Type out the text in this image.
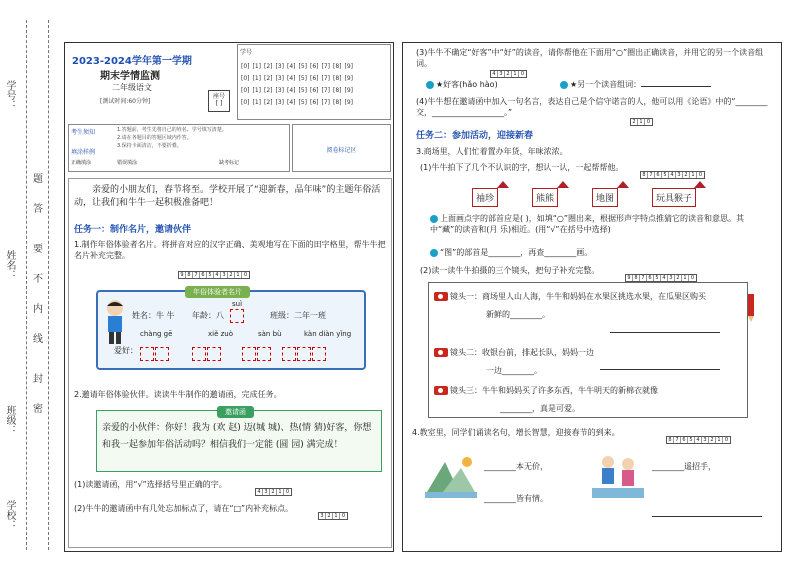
学号：
姓名：
班级：
学校：
题
答
要
不
内
线
封
密
2023-2024学年第一学期
期末学情监测
二年级语文
[测试时间:60分钟]
座号
[ ]
学号
[0] [1] [2] [3] [4] [5] [6] [7] [8] [9]
[0] [1] [2] [3] [4] [5] [6] [7] [8] [9]
[0] [1] [2] [3] [4] [5] [6] [7] [8] [9]
[0] [1] [2] [3] [4] [5] [6] [7] [8] [9]
考生须知	1.答题前，考生先将自己的姓名、学号填写清楚。
2.请在各题目的答题区域内作答。
3.保持卡面清洁，不要折叠。
填涂样例
正确填涂	错误填涂	缺考标记
阅卷标记区
亲爱的小朋友们，春节将至。学校开展了“迎新春，品年味”的主题年俗活动，让我们和牛牛一起积极准备吧！
任务一：制作名片，邀请伙伴
1.制作年俗体验者名片。将拼音对应的汉字正确、美观地写在下面的田字格里，帮牛牛把名片补充完整。
9 8 7 6 5 4 3 2 1 0
年俗体验者名片
姓名：牛 牛
suì
年龄：八	班级：二年一班
chàng gē	xiě zuò	sàn bù	kàn diàn yǐng
爱好：
2.邀请年俗体验伙伴。读读牛牛制作的邀请函，完成任务。
邀请函
亲爱的小伙伴：你好！我为 (欢 赵) 迈(城 城)、热(情 猜)好客，你想和我一起参加年俗活动吗？相信我们一定能 (圆 园) 满完成！
(1)读邀请函，用“√”选择括号里正确的字。
4 3 2 1 0
(2)牛牛的邀请函中有几处忘加标点了，请在“□”内补充标点。
3 2 1 0
(3)牛牛不确定“好客”中“好”的读音，请你帮他在下面用“○”圈出正确读音，并用它的另一个读音组词。
4 3 2 1 0
★好客(hǎo hào)	★另一个读音组词：
(4)牛牛想在邀请函中加入一句名言，表达自己是个信守诺言的人，他可以用《论语》中的“________交，__________________。”
2 1 0
任务二：参加活动，迎接新春
3.商场里，人们忙着置办年货，年味浓浓。
(1)牛牛拍下了几个不认识的字，想认一认，一起帮帮他。
8 7 6 5 4 3 2 1 0
袖珍	熊熊	地图	玩具猴子
上面画点字的部首应是( )，如填“○”圈出来，根据形声字特点推猜它的读音和意思。其中“藏”的读音和(月 乐)相近。(用“√”在括号中选择)
“图”的部首是________，再查________画。
(2)读一读牛牛拍摄的三个镜头，把句子补充完整。
9 8 7 6 5 4 3 2 1 0
镜头一：商场里人山人海，牛牛和妈妈在水果区挑选水果，在瓜果区购买
新鲜的________。
镜头二：收银台前，排起长队，妈妈一边
一边________。
镜头三：牛牛和妈妈买了许多东西，牛牛明天的新棉衣就像
________，真是可爱。
4.教室里，同学们诵读名句，增长智慧，迎接春节的到来。
8 7 6 5 4 3 2 1 0
________本无价，
________皆有情。
________遥招手，
